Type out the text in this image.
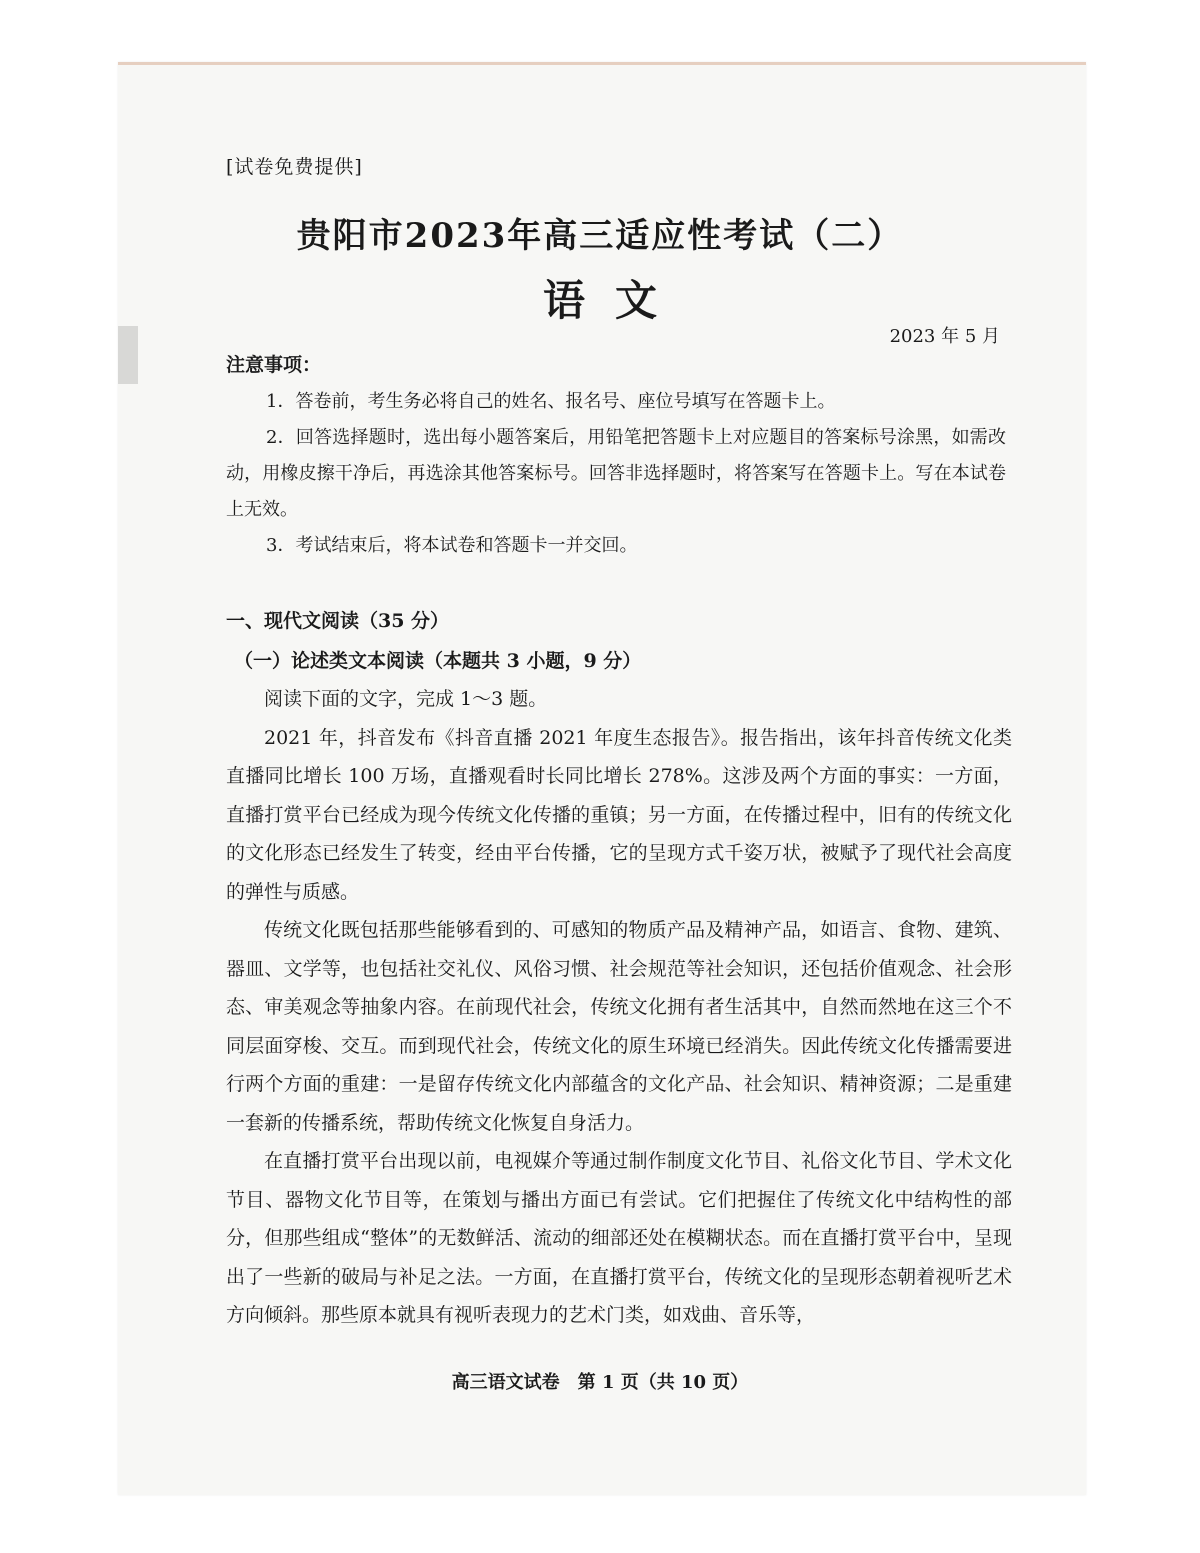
[试卷免费提供]
贵阳市2023年高三适应性考试（二）
语文
2023 年 5 月
注意事项：

1．答卷前，考生务必将自己的姓名、报名号、座位号填写在答题卡上。

2．回答选择题时，选出每小题答案后，用铅笔把答题卡上对应题目的答案标号涂黑，如需改动，用橡皮擦干净后，再选涂其他答案标号。回答非选择题时，将答案写在答题卡上。写在本试卷上无效。

3．考试结束后，将本试卷和答题卡一并交回。

一、现代文阅读（35 分）
（一）论述类文本阅读（本题共 3 小题，9 分）

阅读下面的文字，完成 1～3 题。

2021 年，抖音发布《抖音直播 2021 年度生态报告》。报告指出，该年抖音传统文化类直播同比增长 100 万场，直播观看时长同比增长 278%。这涉及两个方面的事实：一方面，直播打赏平台已经成为现今传统文化传播的重镇；另一方面，在传播过程中，旧有的传统文化的文化形态已经发生了转变，经由平台传播，它的呈现方式千姿万状，被赋予了现代社会高度的弹性与质感。

传统文化既包括那些能够看到的、可感知的物质产品及精神产品，如语言、食物、建筑、器皿、文学等，也包括社交礼仪、风俗习惯、社会规范等社会知识，还包括价值观念、社会形态、审美观念等抽象内容。在前现代社会，传统文化拥有者生活其中，自然而然地在这三个不同层面穿梭、交互。而到现代社会，传统文化的原生环境已经消失。因此传统文化传播需要进行两个方面的重建：一是留存传统文化内部蕴含的文化产品、社会知识、精神资源；二是重建一套新的传播系统，帮助传统文化恢复自身活力。

在直播打赏平台出现以前，电视媒介等通过制作制度文化节目、礼俗文化节目、学术文化节目、器物文化节目等，在策划与播出方面已有尝试。它们把握住了传统文化中结构性的部分，但那些组成“整体”的无数鲜活、流动的细部还处在模糊状态。而在直播打赏平台中，呈现出了一些新的破局与补足之法。一方面，在直播打赏平台，传统文化的呈现形态朝着视听艺术方向倾斜。那些原本就具有视听表现力的艺术门类，如戏曲、音乐等，

高三语文试卷　第 1 页（共 10 页）
